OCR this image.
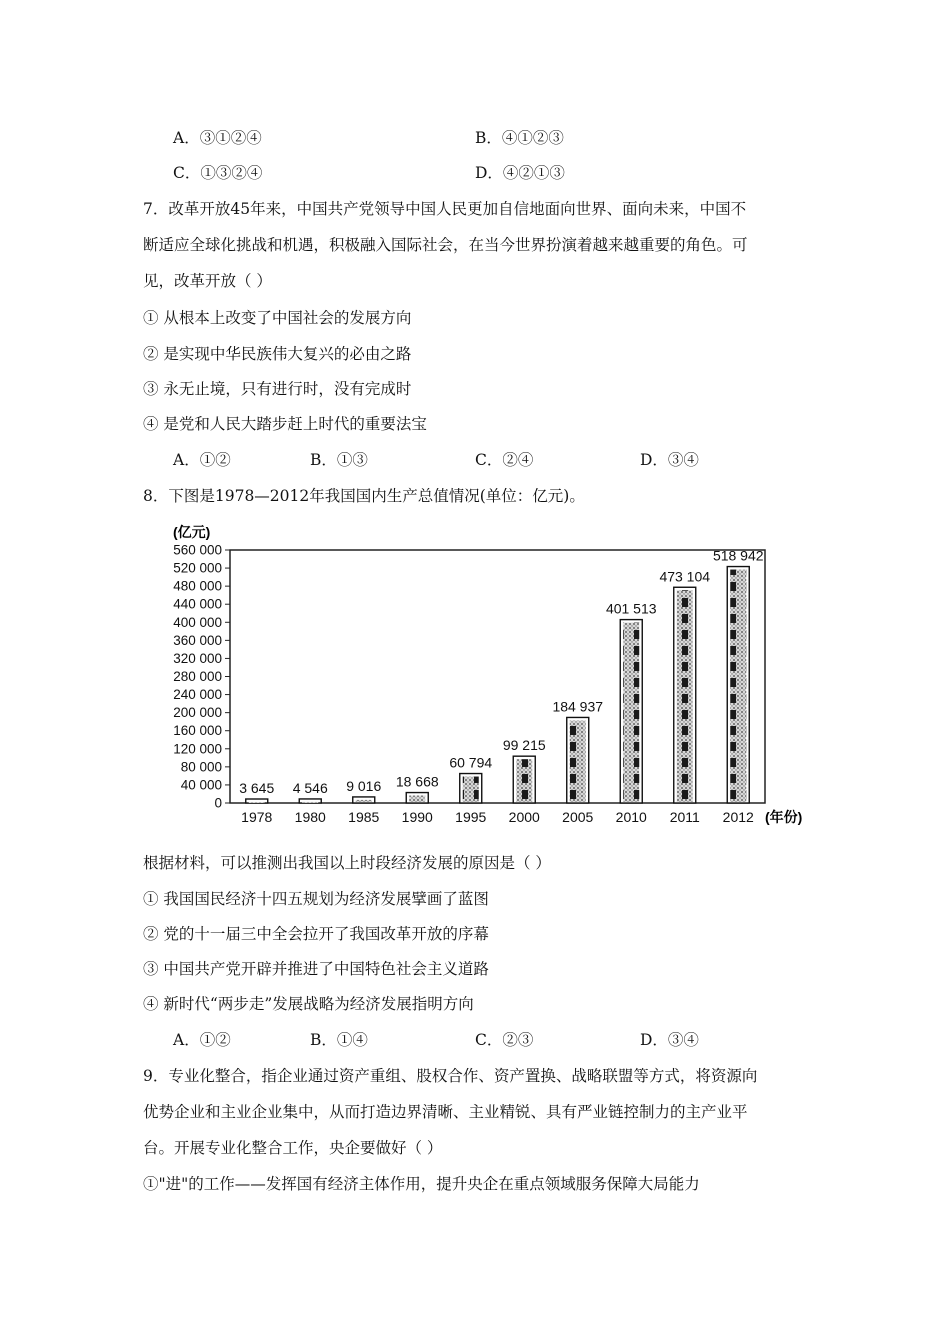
A．③①②④	B．④①②③
C．①③②④	D．④②①③
7．改革开放45年来，中国共产党领导中国人民更加自信地面向世界、面向未来，中国不
断适应全球化挑战和机遇，积极融入国际社会，在当今世界扮演着越来越重要的角色。可
见，改革开放（ ）
① 从根本上改变了中国社会的发展方向
② 是实现中华民族伟大复兴的必由之路
③ 永无止境，只有进行时，没有完成时
④ 是党和人民大踏步赶上时代的重要法宝
A．①②	B．①③	C．②④	D．③④
8．下图是1978—2012年我国国内生产总值情况(单位：亿元)。
0
40 000
80 000
120 000
160 000
200 000
240 000
280 000
320 000
360 000
400 000
440 000
480 000
520 000
560 000
3 645 4 546 9 016 18 668
60 794
99 215
184 937
401 513
473 104
518 942
1978 1980 1985 1990 1995 2000 2005 2010 2011 2012
(亿元)
(年份)
根据材料，可以推测出我国以上时段经济发展的原因是（ ）
① 我国国民经济十四五规划为经济发展擘画了蓝图
② 党的十一届三中全会拉开了我国改革开放的序幕
③ 中国共产党开辟并推进了中国特色社会主义道路
④ 新时代“两步走”发展战略为经济发展指明方向
A．①②	B．①④	C．②③	D．③④
9．专业化整合，指企业通过资产重组、股权合作、资产置换、战略联盟等方式，将资源向
优势企业和主业企业集中，从而打造边界清晰、主业精锐、具有严业链控制力的主产业平
台。开展专业化整合工作，央企要做好（ ）
①"进"的工作——发挥国有经济主体作用，提升央企在重点领域服务保障大局能力
